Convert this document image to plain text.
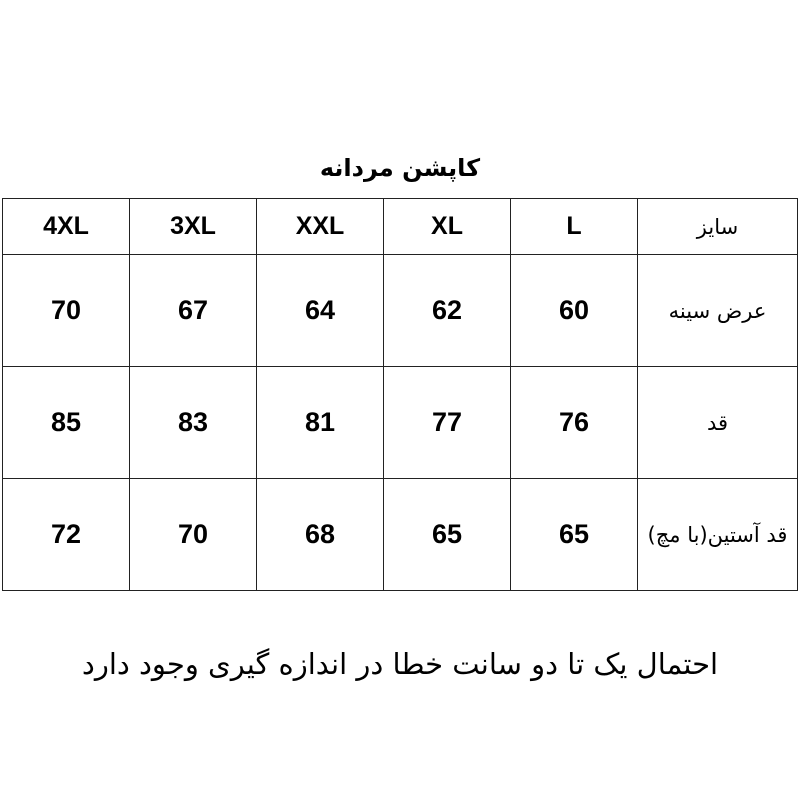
کاپشن مردانه
4XL	3XL	XXL	XL	L	سایز
70	67	64	62	60	عرض سینه
85	83	81	77	76	قد
72	70	68	65	65	قد آستین(با مچ)
احتمال یک تا دو سانت خطا در اندازه گیری وجود دارد
